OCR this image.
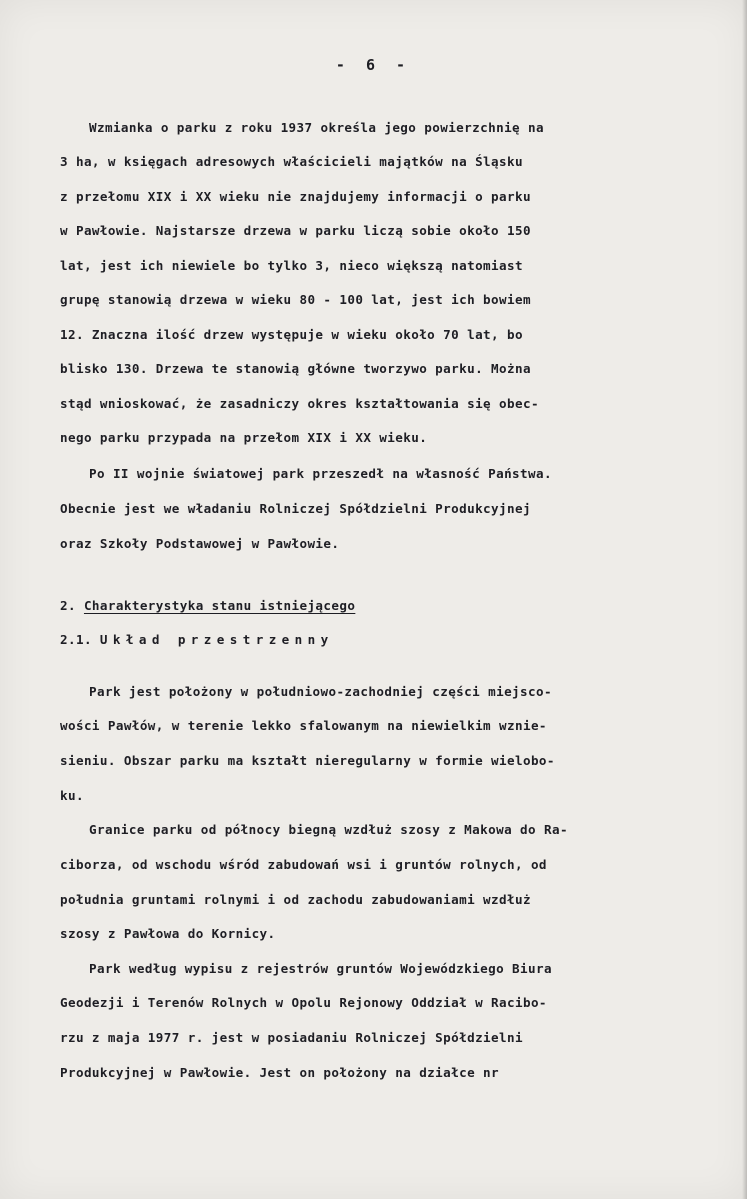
- 6 -
Wzmianka o parku z roku 1937 określa jego powierzchnię na
3 ha, w księgach adresowych właścicieli majątków na Śląsku
z przełomu XIX i XX wieku nie znajdujemy informacji o parku
w Pawłowie. Najstarsze drzewa w parku liczą sobie około 150
lat, jest ich niewiele bo tylko 3, nieco większą natomiast
grupę stanowią drzewa w wieku 80 - 100 lat, jest ich bowiem
12. Znaczna ilość drzew występuje w wieku około 70 lat, bo
blisko 130. Drzewa te stanowią główne tworzywo parku. Można
stąd wnioskować, że zasadniczy okres kształtowania się obec-
nego parku przypada na przełom XIX i XX wieku.
Po II wojnie światowej park przeszedł na własność Państwa.
Obecnie jest we władaniu Rolniczej Spółdzielni Produkcyjnej
oraz Szkoły Podstawowej w Pawłowie.
2. Charakterystyka stanu istniejącego
2.1. Układ przestrzenny
Park jest położony w południowo-zachodniej części miejsco-
wości Pawłów, w terenie lekko sfalowanym na niewielkim wznie-
sieniu. Obszar parku ma kształt nieregularny w formie wielobo-
ku.
Granice parku od północy biegną wzdłuż szosy z Makowa do Ra-
ciborza, od wschodu wśród zabudowań wsi i gruntów rolnych, od
południa gruntami rolnymi i od zachodu zabudowaniami wzdłuż
szosy z Pawłowa do Kornicy.
Park według wypisu z rejestrów gruntów Wojewódzkiego Biura
Geodezji i Terenów Rolnych w Opolu Rejonowy Oddział w Racibo-
rzu z maja 1977 r. jest w posiadaniu Rolniczej Spółdzielni
Produkcyjnej w Pawłowie. Jest on położony na działce nr
